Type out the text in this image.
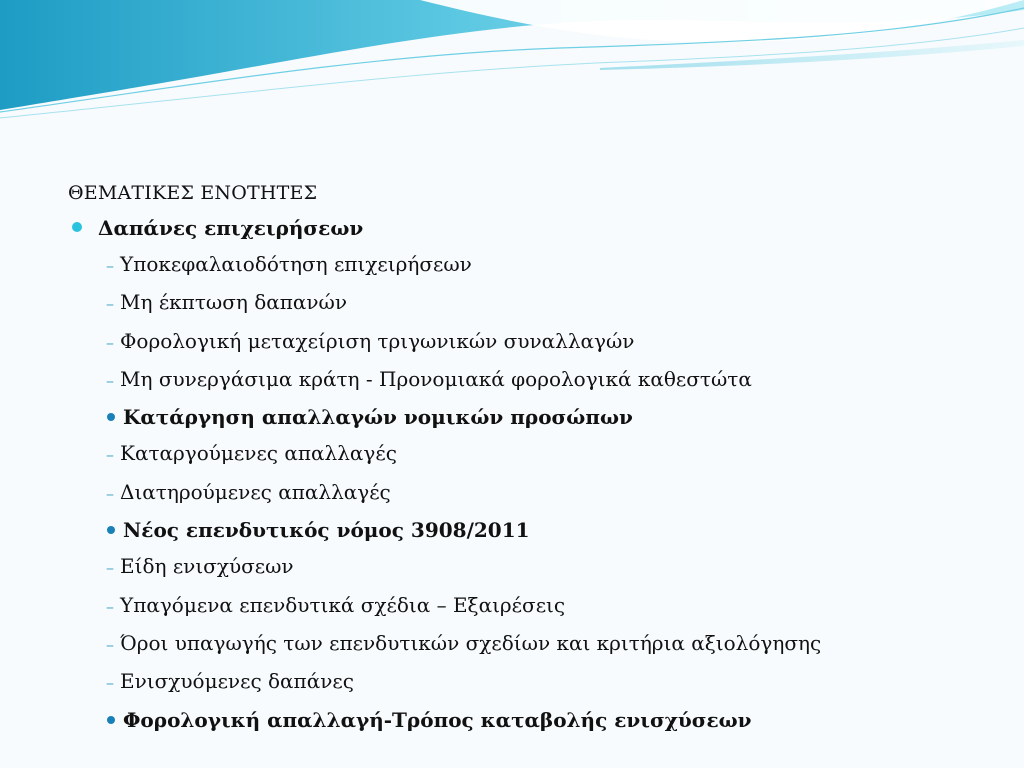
ΘΕΜΑΤΙΚΕΣ ΕΝΟΤΗΤΕΣ
Δαπάνες επιχειρήσεων
– Υποκεφαλαιοδότηση επιχειρήσεων
– Μη έκπτωση δαπανών
– Φορολογική μεταχείριση τριγωνικών συναλλαγών
– Μη συνεργάσιμα κράτη - Προνομιακά φορολογικά καθεστώτα
Κατάργηση απαλλαγών νομικών προσώπων
– Καταργούμενες απαλλαγές
– Διατηρούμενες απαλλαγές
Νέος επενδυτικός νόμος 3908/2011
– Είδη ενισχύσεων
– Υπαγόμενα επενδυτικά σχέδια – Εξαιρέσεις
– Όροι υπαγωγής των επενδυτικών σχεδίων και κριτήρια αξιολόγησης
– Ενισχυόμενες δαπάνες
Φορολογική απαλλαγή-Τρόπος καταβολής ενισχύσεων
